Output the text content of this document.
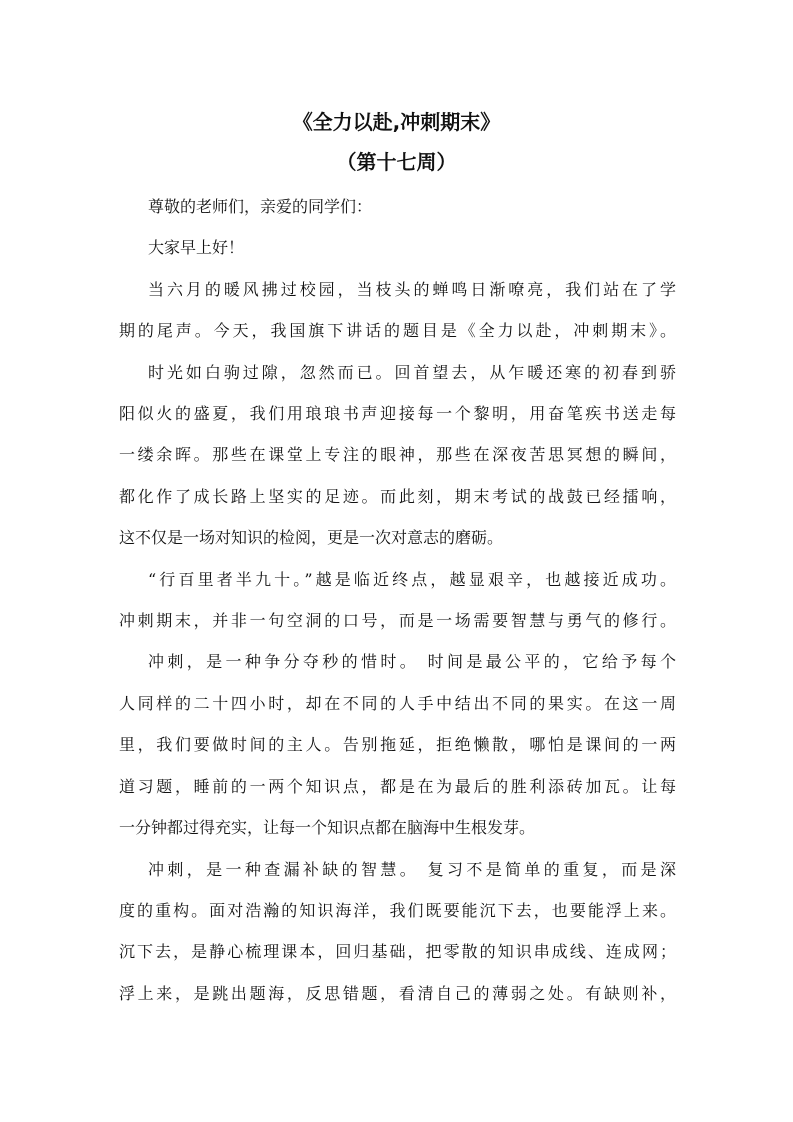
《全力以赴,冲刺期末》
（第十七周）
尊敬的老师们，亲爱的同学们：
大家早上好！
当六月的暖风拂过校园，当枝头的蝉鸣日渐嘹亮，我们站在了学
期的尾声。今天，我国旗下讲话的题目是《全力以赴，冲刺期末》。
时光如白驹过隙，忽然而已。回首望去，从乍暖还寒的初春到骄
阳似火的盛夏，我们用琅琅书声迎接每一个黎明，用奋笔疾书送走每
一缕余晖。那些在课堂上专注的眼神，那些在深夜苦思冥想的瞬间，
都化作了成长路上坚实的足迹。而此刻，期末考试的战鼓已经擂响，
这不仅是一场对知识的检阅，更是一次对意志的磨砺。
“行百里者半九十。”越是临近终点，越显艰辛，也越接近成功。
冲刺期末，并非一句空洞的口号，而是一场需要智慧与勇气的修行。
冲刺，是一种争分夺秒的惜时。 时间是最公平的，它给予每个
人同样的二十四小时，却在不同的人手中结出不同的果实。在这一周
里，我们要做时间的主人。告别拖延，拒绝懒散，哪怕是课间的一两
道习题，睡前的一两个知识点，都是在为最后的胜利添砖加瓦。让每
一分钟都过得充实，让每一个知识点都在脑海中生根发芽。
冲刺，是一种查漏补缺的智慧。 复习不是简单的重复，而是深
度的重构。面对浩瀚的知识海洋，我们既要能沉下去，也要能浮上来。
沉下去，是静心梳理课本，回归基础，把零散的知识串成线、连成网；
浮上来，是跳出题海，反思错题，看清自己的薄弱之处。有缺则补，
